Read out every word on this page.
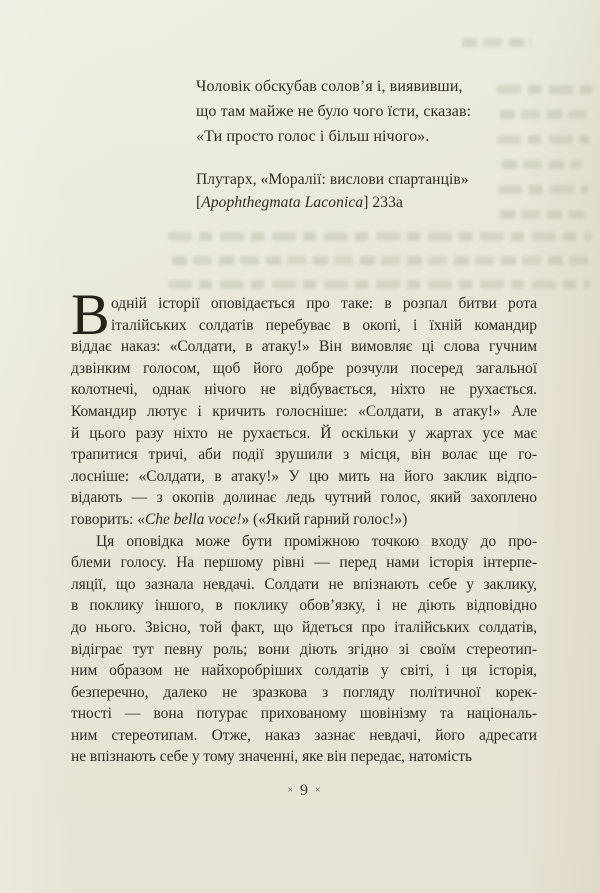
Чоловік обскубав солов’я і, виявивши,
що там майже не було чого їсти, сказав:
«Ти просто голос і більш нічого».
Плутарх, «Моралії: вислови спартанців»
[Apophthegmata Laconica] 233а
В одній історії оповідається про таке: в розпал битви рота
італійських солдатів перебуває в окопі, і їхній командир
віддає наказ: «Солдати, в атаку!» Він вимовляє ці слова гучним
дзвінким голосом, щоб його добре розчули посеред загальної
колотнечі, однак нічого не відбувається, ніхто не рухається.
Командир лютує і кричить голосніше: «Солдати, в атаку!» Але
й цього разу ніхто не рухається. Й оскільки у жартах усе має
трапитися тричі, аби події зрушили з місця, він волає ще го-
лосніше: «Солдати, в атаку!» У цю мить на його заклик відпо-
відають — з окопів долинає ледь чутний голос, який захоплено
говорить: «Che bella voce!» («Який гарний голос!»)
Ця оповідка може бути проміжною точкою входу до про-
блеми голосу. На першому рівні — перед нами історія інтерпе-
ляції, що зазнала невдачі. Солдати не впізнають себе у заклику,
в поклику іншого, в поклику обов’язку, і не діють відповідно
до нього. Звісно, той факт, що йдеться про італійських солдатів,
відіграє тут певну роль; вони діють згідно зі своїм стереотип-
ним образом не найхоробріших солдатів у світі, і ця історія,
безперечно, далеко не зразкова з погляду політичної корек-
тності — вона потурає прихованому шовінізму та національ-
ним стереотипам. Отже, наказ зазнає невдачі, його адресати
не впізнають себе у тому значенні, яке він передає, натомість
× 9 ×
